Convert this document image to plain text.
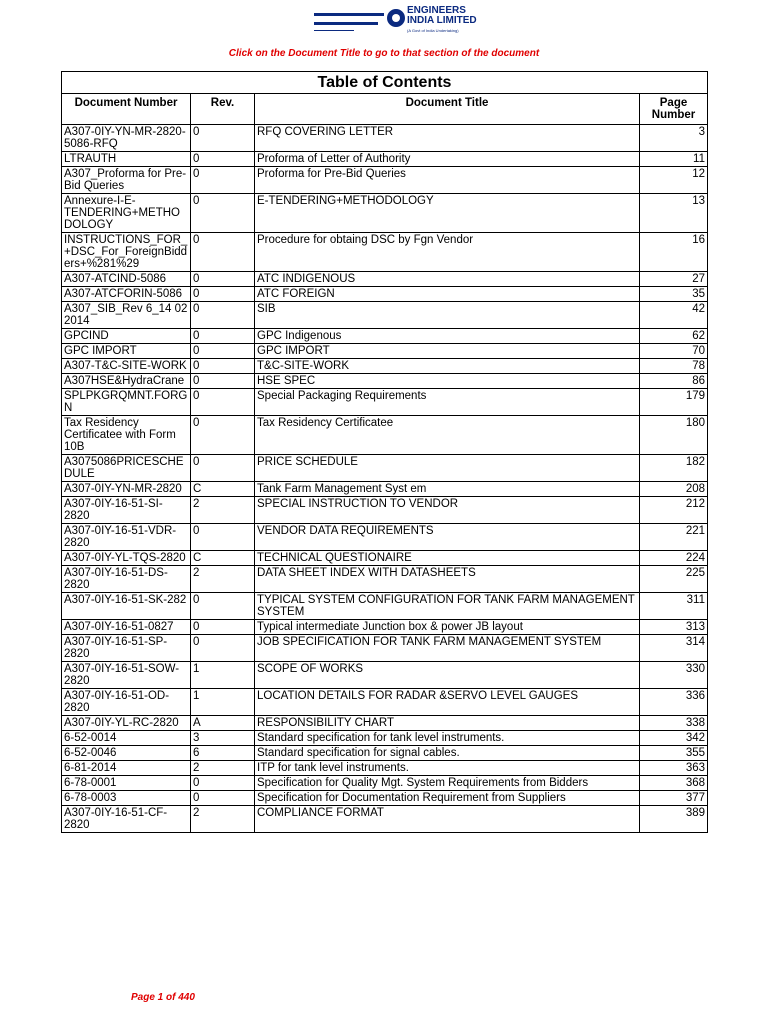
ENGINEERS
INDIA LIMITED
(A Govt of India Undertaking)
Click on the Document Title to go to that section of the document
Table of Contents
Document Number	Rev.	Document Title	Page Number
A307-0IY-YN-MR-2820-5086-RFQ	0	RFQ COVERING LETTER	3
LTRAUTH	0	Proforma of Letter of Authority	11
A307_Proforma for Pre-Bid Queries	0	Proforma for Pre-Bid Queries	12
Annexure-I-E-TENDERING+METHODOLOGY	0	E-TENDERING+METHODOLOGY	13
INSTRUCTIONS_FOR_+DSC_For_ForeignBidders+%281%29	0	Procedure for obtaing DSC by Fgn Vendor	16
A307-ATCIND-5086	0	ATC INDIGENOUS	27
A307-ATCFORIN-5086	0	ATC FOREIGN	35
A307_SIB_Rev 6_14 02 2014	0	SIB	42
GPCIND	0	GPC Indigenous	62
GPC IMPORT	0	GPC IMPORT	70
A307-T&C-SITE-WORK	0	T&C-SITE-WORK	78
A307HSE&HydraCrane	0	HSE SPEC	86
SPLPKGRQMNT.FORGN	0	Special Packaging Requirements	179
Tax Residency Certificatee with Form 10B	0	Tax Residency Certificatee	180
A3075086PRICESCHEDULE	0	PRICE SCHEDULE	182
A307-0IY-YN-MR-2820	C	Tank Farm Management Syst em	208
A307-0IY-16-51-SI-2820	2	SPECIAL INSTRUCTION TO VENDOR	212
A307-0IY-16-51-VDR-2820	0	VENDOR DATA REQUIREMENTS	221
A307-0IY-YL-TQS-2820	C	TECHNICAL QUESTIONAIRE	224
A307-0IY-16-51-DS-2820	2	DATA SHEET INDEX WITH DATASHEETS	225
A307-0IY-16-51-SK-282	0	TYPICAL SYSTEM CONFIGURATION FOR TANK FARM MANAGEMENT SYSTEM	311
A307-0IY-16-51-0827	0	Typical intermediate Junction box & power JB layout	313
A307-0IY-16-51-SP-2820	0	JOB SPECIFICATION FOR TANK FARM MANAGEMENT SYSTEM	314
A307-0IY-16-51-SOW-2820	1	SCOPE OF WORKS	330
A307-0IY-16-51-OD-2820	1	LOCATION DETAILS FOR RADAR &SERVO LEVEL GAUGES	336
A307-0IY-YL-RC-2820	A	RESPONSIBILITY CHART	338
6-52-0014	3	Standard specification for tank level instruments.	342
6-52-0046	6	Standard specification for signal cables.	355
6-81-2014	2	ITP for tank level instruments.	363
6-78-0001	0	Specification for Quality Mgt. System Requirements from Bidders	368
6-78-0003	0	Specification for Documentation Requirement from Suppliers	377
A307-0IY-16-51-CF-2820	2	COMPLIANCE FORMAT	389
Page 1 of 440
